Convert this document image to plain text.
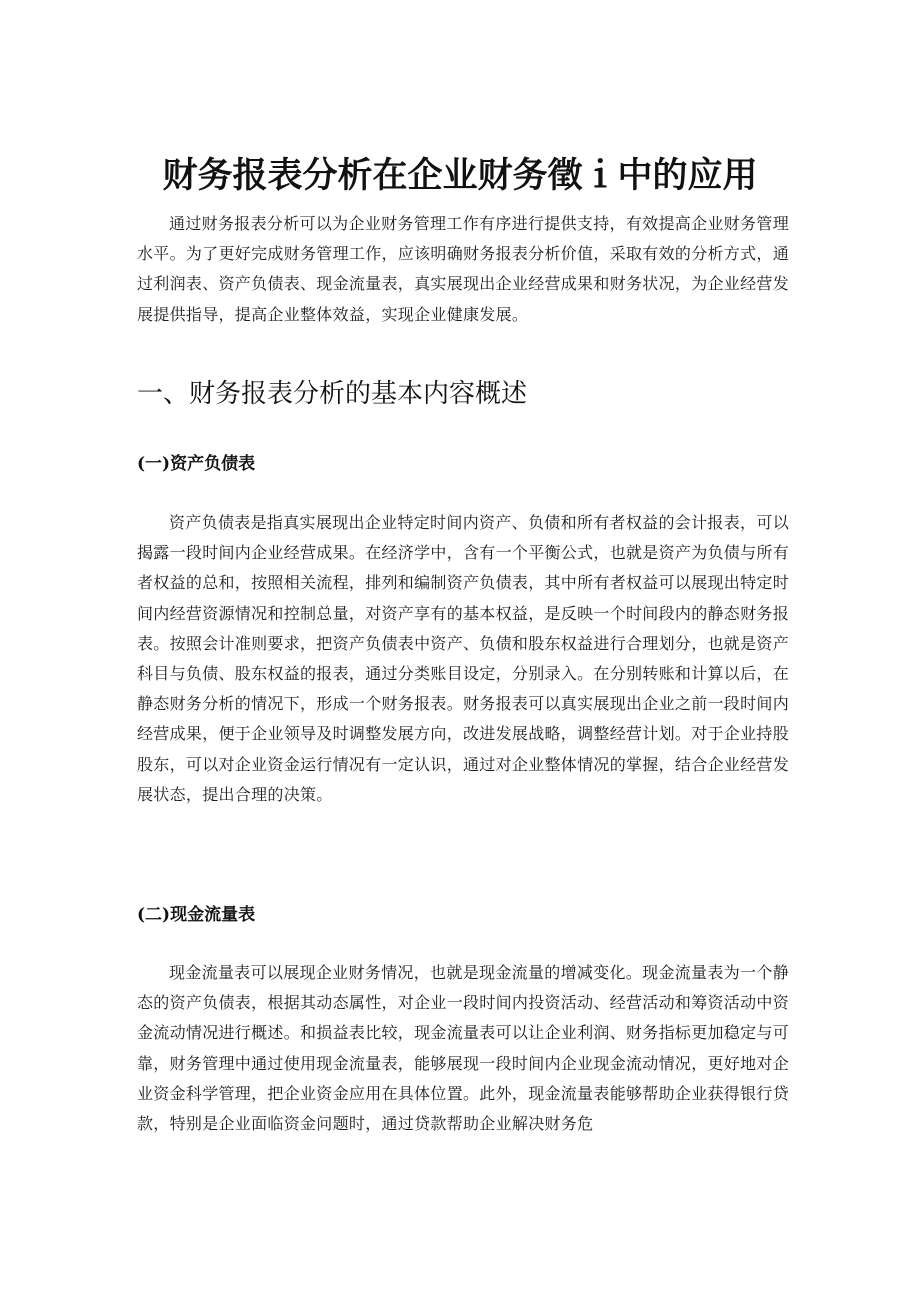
财务报表分析在企业财务徵ｉ中的应用

通过财务报表分析可以为企业财务管理工作有序进行提供支持，有效提高企业财务管理水平。为了更好完成财务管理工作，应该明确财务报表分析价值，采取有效的分析方式，通过利润表、资产负债表、现金流量表，真实展现出企业经营成果和财务状况，为企业经营发展提供指导，提高企业整体效益，实现企业健康发展。

一、财务报表分析的基本内容概述
(一)资产负债表

资产负债表是指真实展现出企业特定时间内资产、负债和所有者权益的会计报表，可以揭露一段时间内企业经营成果。在经济学中，含有一个平衡公式，也就是资产为负债与所有者权益的总和，按照相关流程，排列和编制资产负债表，其中所有者权益可以展现出特定时间内经营资源情况和控制总量，对资产享有的基本权益，是反映一个时间段内的静态财务报表。按照会计准则要求，把资产负债表中资产、负债和股东权益进行合理划分，也就是资产科目与负债、股东权益的报表，通过分类账目设定，分别录入。在分别转账和计算以后，在静态财务分析的情况下，形成一个财务报表。财务报表可以真实展现出企业之前一段时间内经营成果，便于企业领导及时调整发展方向，改进发展战略，调整经营计划。对于企业持股股东，可以对企业资金运行情况有一定认识，通过对企业整体情况的掌握，结合企业经营发展状态，提出合理的决策。

(二)现金流量表

现金流量表可以展现企业财务情况，也就是现金流量的增减变化。现金流量表为一个静态的资产负债表，根据其动态属性，对企业一段时间内投资活动、经营活动和筹资活动中资金流动情况进行概述。和损益表比较，现金流量表可以让企业利润、财务指标更加稳定与可靠，财务管理中通过使用现金流量表，能够展现一段时间内企业现金流动情况，更好地对企业资金科学管理，把企业资金应用在具体位置。此外，现金流量表能够帮助企业获得银行贷款，特别是企业面临资金问题时，通过贷款帮助企业解决财务危
